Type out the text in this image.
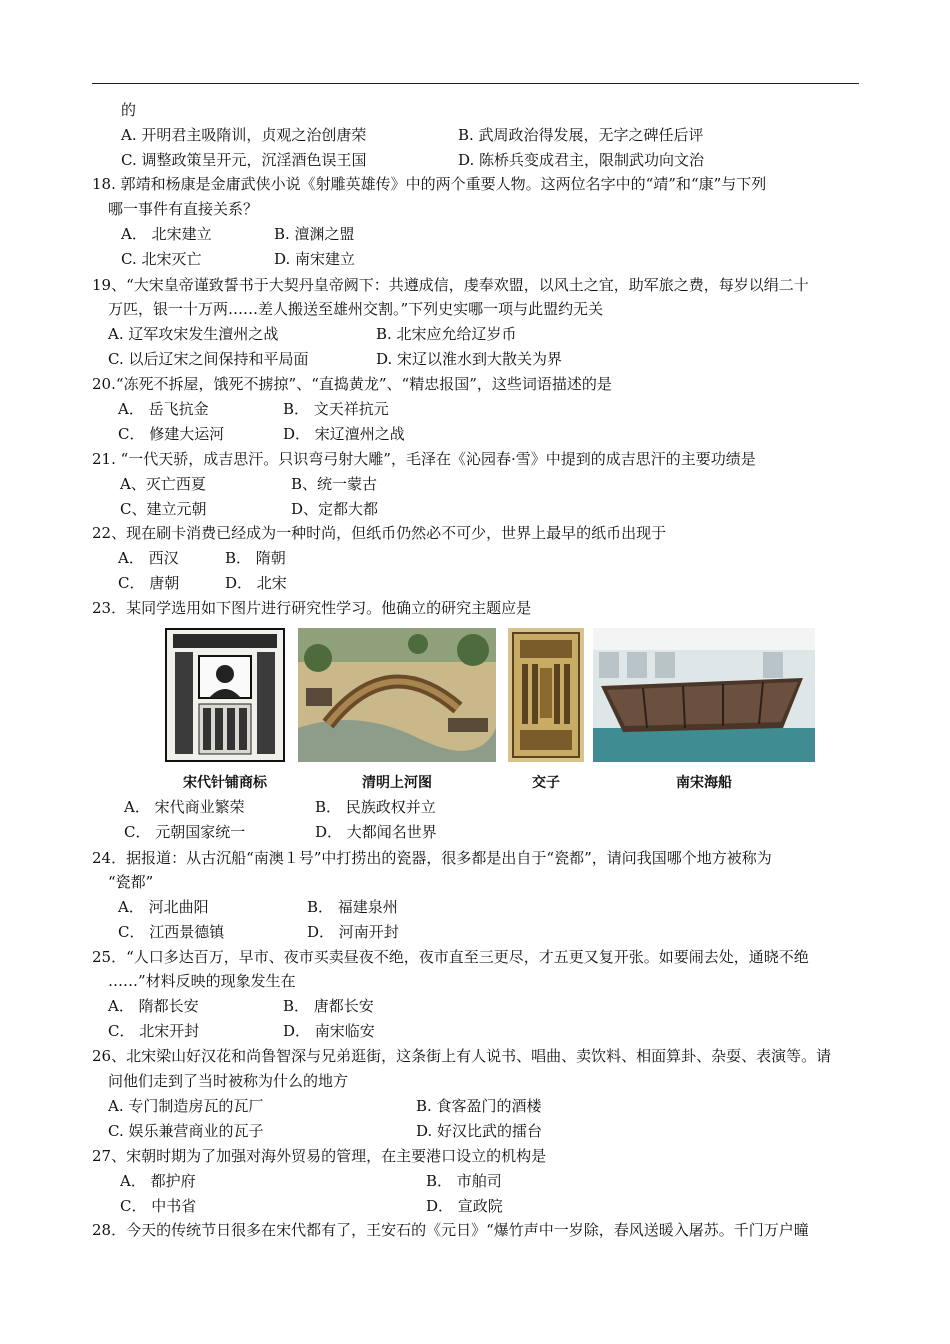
的
18. 郭靖和杨康是金庸武侠小说《射雕英雄传》中的两个重要人物。这两位名字中的“靖”和“康”与下列
哪一事件有直接关系？
19、“大宋皇帝谨致誓书于大契丹皇帝阙下：共遵成信，虔奉欢盟，以风土之宜，助军旅之费，每岁以绢二十
万匹，银一十万两……差人搬送至雄州交割。”下列史实哪一项与此盟约无关
20.“冻死不拆屋，饿死不掳掠”、“直捣黄龙”、“精忠报国”，这些词语描述的是
21. “一代天骄，成吉思汗。只识弯弓射大雕”，毛泽在《沁园春·雪》中提到的成吉思汗的主要功绩是
22、现在刷卡消费已经成为一种时尚，但纸币仍然必不可少，世界上最早的纸币出现于
23．某同学选用如下图片进行研究性学习。他确立的研究主题应是
24．据报道：从古沉船“南澳１号”中打捞出的瓷器，很多都是出自于“瓷都”，请问我国哪个地方被称为
“瓷都”
25．“人口多达百万，早市、夜市买卖昼夜不绝，夜市直至三更尽，才五更又复开张。如要闹去处，通晓不绝
……”材料反映的现象发生在
26、北宋梁山好汉花和尚鲁智深与兄弟逛街，这条街上有人说书、唱曲、卖饮料、相面算卦、杂耍、表演等。请
问他们走到了当时被称为什么的地方
27、宋朝时期为了加强对海外贸易的管理，在主要港口设立的机构是
28．今天的传统节日很多在宋代都有了，王安石的《元日》“爆竹声中一岁除，春风送暖入屠苏。千门万户曈
A. 开明君主吸隋训，贞观之治创唐荣	B. 武周政治得发展，无字之碑任后评
C. 调整政策呈开元，沉淫酒色误王国	D. 陈桥兵变成君主，限制武功向文治
A． 北宋建立	B. 澶渊之盟
C. 北宋灭亡	D. 南宋建立
A. 辽军攻宋发生澶州之战	B. 北宋应允给辽岁币
C. 以后辽宋之间保持和平局面	D. 宋辽以淮水到大散关为界
A． 岳飞抗金	B． 文天祥抗元
C． 修建大运河	D． 宋辽澶州之战
A、灭亡西夏	B、统一蒙古
C、建立元朝	D、定都大都
A． 西汉	B． 隋朝
C． 唐朝	D． 北宋
A． 宋代商业繁荣	B． 民族政权并立
C． 元朝国家统一	D． 大都闻名世界
A． 河北曲阳	B． 福建泉州
C． 江西景德镇	D． 河南开封
A． 隋都长安	B． 唐都长安
C． 北宋开封	D． 南宋临安
A. 专门制造房瓦的瓦厂	B. 食客盈门的酒楼
C. 娱乐兼营商业的瓦子	D. 好汉比武的擂台
A． 都护府	B． 市舶司
C． 中书省	D． 宣政院
宋代针铺商标	清明上河图	交子	南宋海船
